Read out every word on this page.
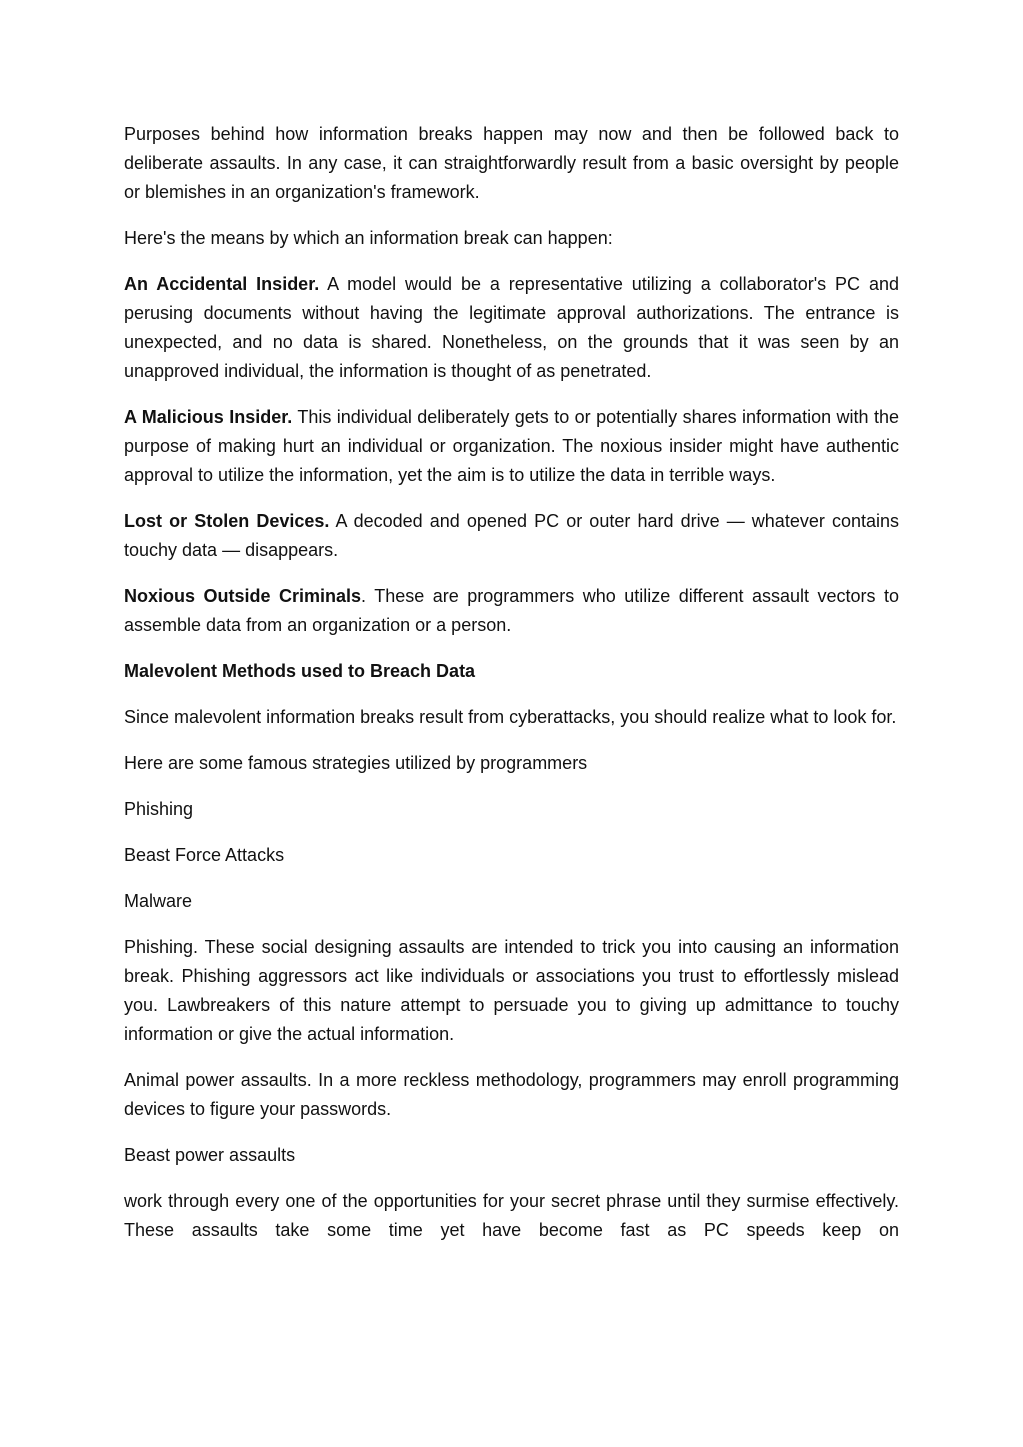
Purposes behind how information breaks happen may now and then be followed back to deliberate assaults. In any case, it can straightforwardly result from a basic oversight by people or blemishes in an organization's framework.

Here's the means by which an information break can happen:

An Accidental Insider. A model would be a representative utilizing a collaborator's PC and perusing documents without having the legitimate approval authorizations. The entrance is unexpected, and no data is shared. Nonetheless, on the grounds that it was seen by an unapproved individual, the information is thought of as penetrated.

A Malicious Insider. This individual deliberately gets to or potentially shares information with the purpose of making hurt an individual or organization. The noxious insider might have authentic approval to utilize the information, yet the aim is to utilize the data in terrible ways.

Lost or Stolen Devices. A decoded and opened PC or outer hard drive — whatever contains touchy data — disappears.

Noxious Outside Criminals. These are programmers who utilize different assault vectors to assemble data from an organization or a person.

Malevolent Methods used to Breach Data

Since malevolent information breaks result from cyberattacks, you should realize what to look for.

Here are some famous strategies utilized by programmers

Phishing

Beast Force Attacks

Malware

Phishing. These social designing assaults are intended to trick you into causing an information break. Phishing aggressors act like individuals or associations you trust to effortlessly mislead you. Lawbreakers of this nature attempt to persuade you to giving up admittance to touchy information or give the actual information.

Animal power assaults. In a more reckless methodology, programmers may enroll programming devices to figure your passwords.

Beast power assaults

work through every one of the opportunities for your secret phrase until they surmise effectively. These assaults take some time yet have become fast as PC speeds keep on
